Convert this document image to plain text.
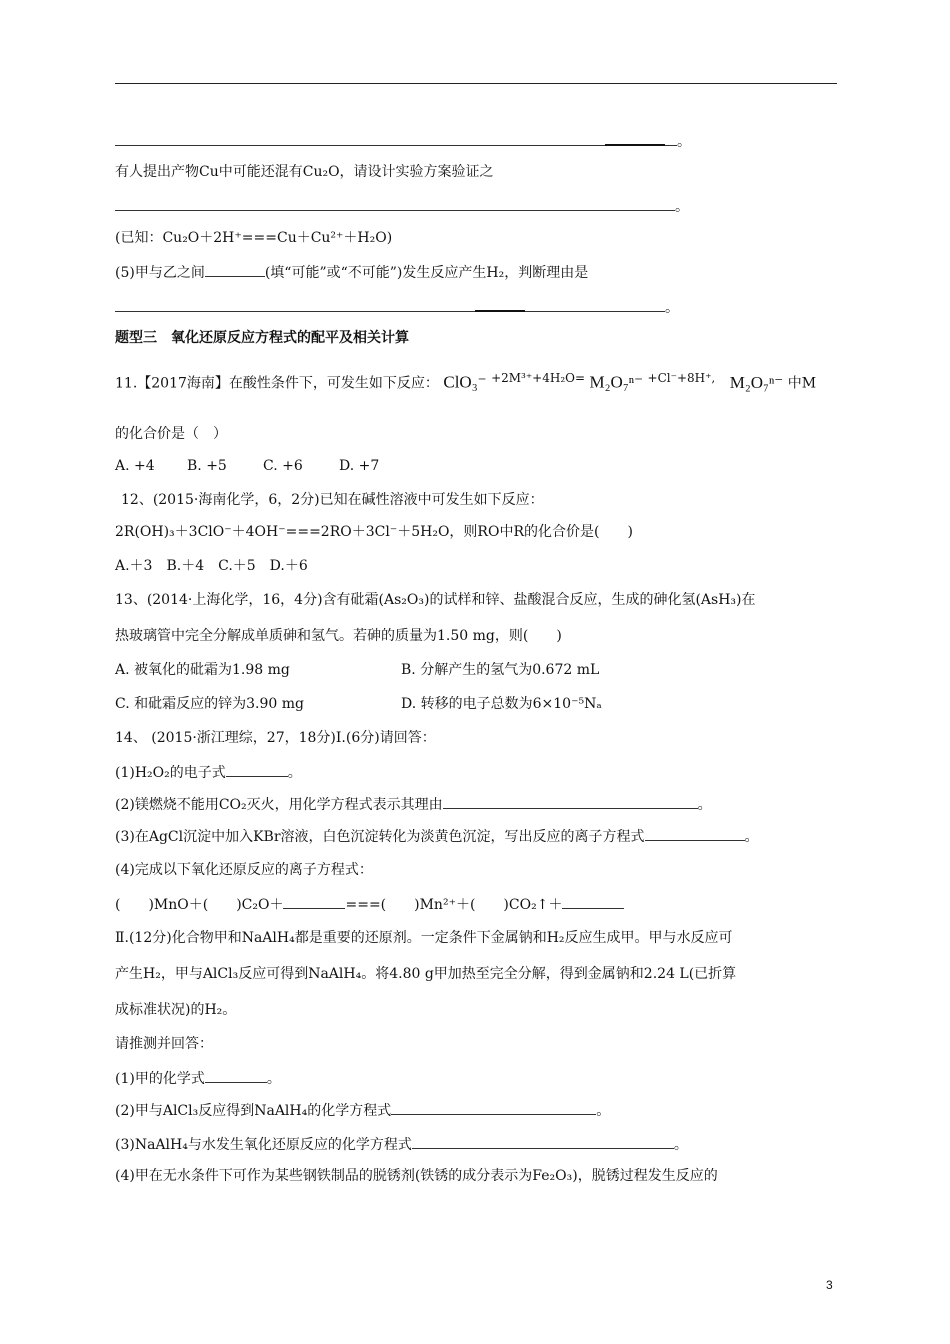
。
有人提出产物Cu中可能还混有Cu₂O，请设计实验方案验证之
。
(已知：Cu₂O＋2H⁺===Cu＋Cu²⁺＋H₂O)
(5)甲与乙之间	(填“可能”或“不可能”)发生反应产生H₂，判断理由是
。
题型三　氧化还原反应方程式的配平及相关计算
11.【2017海南】在酸性条件下，可发生如下反应： ClO₃⁻ +2M³⁺+4H₂O= M₂O₇ⁿ⁻ +Cl⁻+8H⁺, M₂O₇ⁿ⁻ 中M
的化合价是（　）
A. +4 B. +5	C. +6	D. +7
12、(2015·海南化学，6，2分)已知在碱性溶液中可发生如下反应：
2R(OH)₃＋3ClO⁻＋4OH⁻===2RO＋3Cl⁻＋5H₂O，则RO中R的化合价是(　　)
A.＋3　B.＋4　C.＋5　D.＋6
13、(2014·上海化学，16，4分)含有砒霜(As₂O₃)的试样和锌、盐酸混合反应，生成的砷化氢(AsH₃)在
热玻璃管中完全分解成单质砷和氢气。若砷的质量为1.50 mg，则(　　)
A. 被氧化的砒霜为1.98 mg	B. 分解产生的氢气为0.672 mL
C. 和砒霜反应的锌为3.90 mg	D. 转移的电子总数为6×10⁻⁵Nₐ
14、 (2015·浙江理综，27，18分)Ⅰ.(6分)请回答：
(1)H₂O₂的电子式	。
(2)镁燃烧不能用CO₂灭火，用化学方程式表示其理由	。
(3)在AgCl沉淀中加入KBr溶液，白色沉淀转化为淡黄色沉淀，写出反应的离子方程式	。
(4)完成以下氧化还原反应的离子方程式：
(　　)MnO＋(　　)C₂O＋	===(　　)Mn²⁺＋(　　)CO₂↑＋
Ⅱ.(12分)化合物甲和NaAlH₄都是重要的还原剂。一定条件下金属钠和H₂反应生成甲。甲与水反应可
产生H₂，甲与AlCl₃反应可得到NaAlH₄。将4.80 g甲加热至完全分解，得到金属钠和2.24 L(已折算
成标准状况)的H₂。
请推测并回答：
(1)甲的化学式	。
(2)甲与AlCl₃反应得到NaAlH₄的化学方程式	。
(3)NaAlH₄与水发生氧化还原反应的化学方程式	。
(4)甲在无水条件下可作为某些钢铁制品的脱锈剂(铁锈的成分表示为Fe₂O₃)，脱锈过程发生反应的
3
